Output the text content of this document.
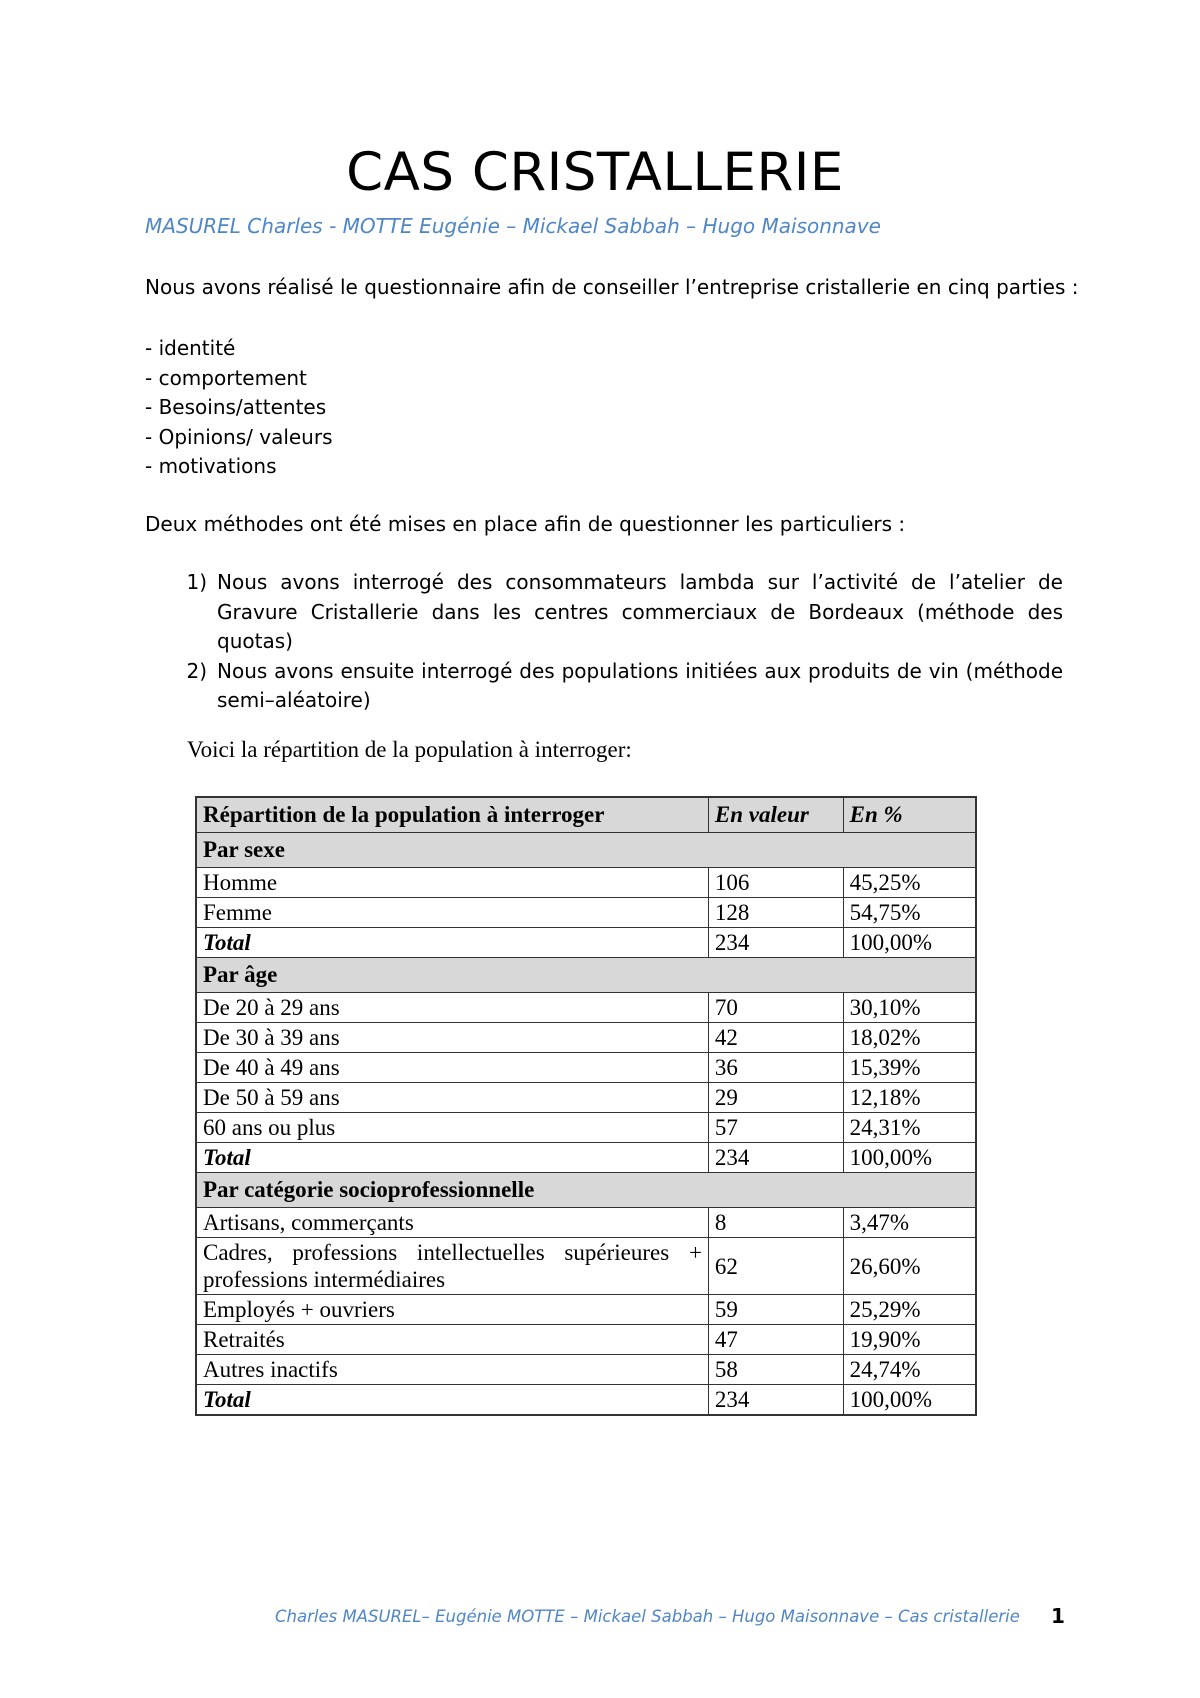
CAS CRISTALLERIE
MASUREL Charles - MOTTE Eugénie – Mickael Sabbah – Hugo Maisonnave
Nous avons réalisé le questionnaire afin de conseiller l’entreprise cristallerie en cinq parties :
- identité
- comportement
- Besoins/attentes
- Opinions/ valeurs
- motivations
Deux méthodes ont été mises en place afin de questionner les particuliers :
1) Nous avons interrogé des consommateurs lambda sur l’activité de l’atelier de Gravure Cristallerie dans les centres commerciaux de Bordeaux (méthode des quotas)
2) Nous avons ensuite interrogé des populations initiées aux produits de vin (méthode semi–aléatoire)
Voici la répartition de la population à interroger:
Répartition de la population à interroger	En valeur	En %
Par sexe		
Homme	106	45,25%
Femme	128	54,75%
Total	234	100,00%
Par âge		
De 20 à 29 ans	70	30,10%
De 30 à 39 ans	42	18,02%
De 40 à 49 ans	36	15,39%
De 50 à 59 ans	29	12,18%
60 ans ou plus	57	24,31%
Total	234	100,00%
Par catégorie socioprofessionnelle		
Artisans, commerçants	8	3,47%

Cadres, professions intellectuelles supérieures + professions intermédiaires	62	26,60%
Employés + ouvriers	59	25,29%
Retraités	47	19,90%
Autres inactifs	58	24,74%
Total	234	100,00%
Charles MASUREL– Eugénie MOTTE – Mickael Sabbah – Hugo Maisonnave – Cas cristallerie 1
